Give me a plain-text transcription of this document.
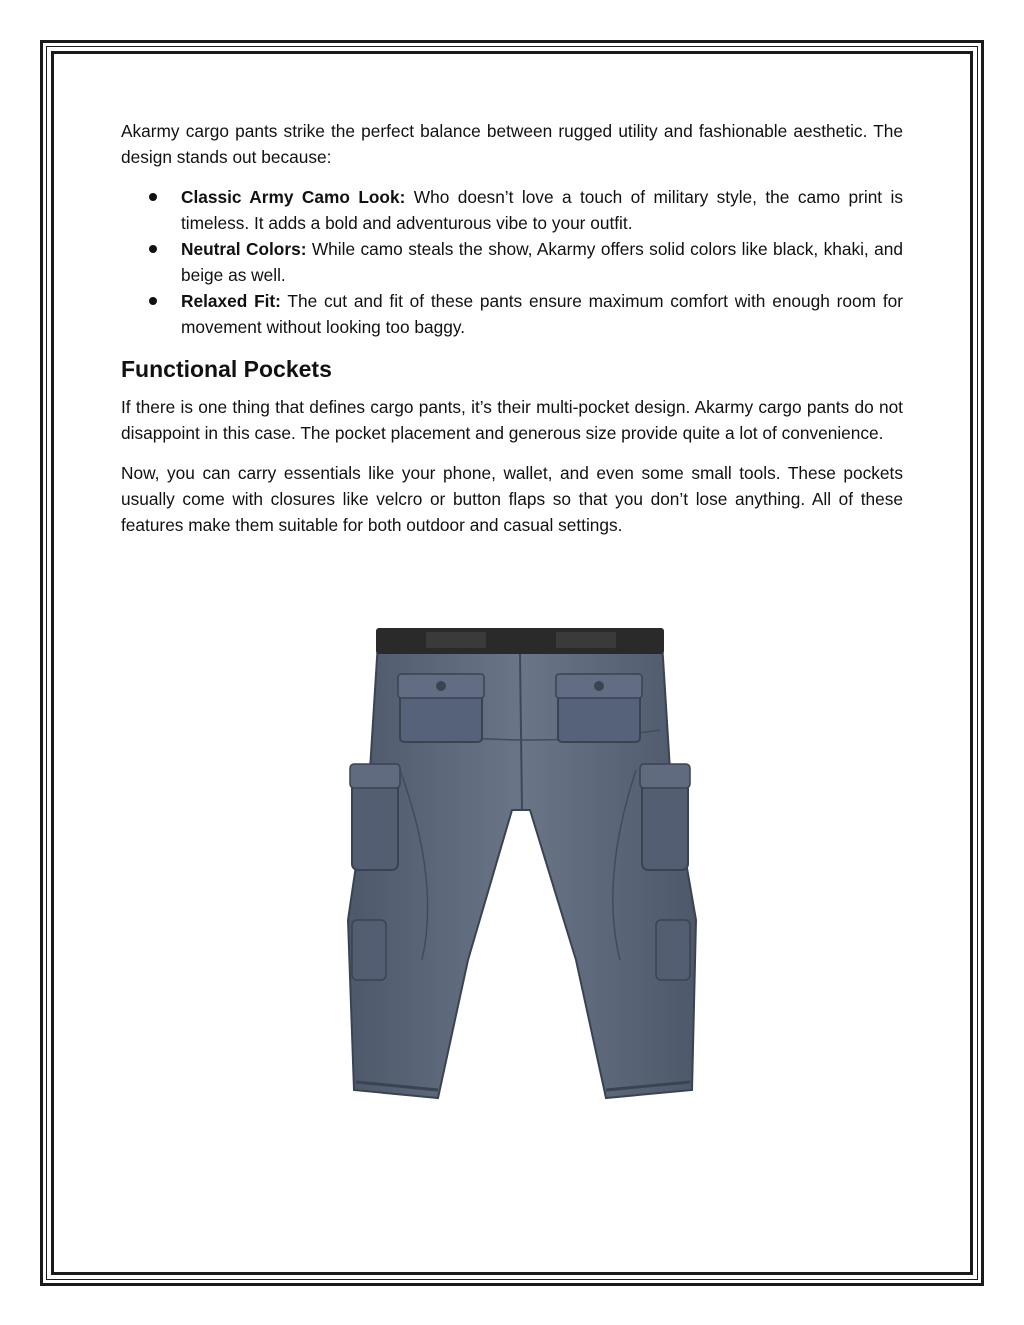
Akarmy cargo pants strike the perfect balance between rugged utility and fashionable aesthetic. The design stands out because:

Classic Army Camo Look: Who doesn’t love a touch of military style, the camo print is timeless. It adds a bold and adventurous vibe to your outfit.
Neutral Colors: While camo steals the show, Akarmy offers solid colors like black, khaki, and beige as well.
Relaxed Fit: The cut and fit of these pants ensure maximum comfort with enough room for movement without looking too baggy.
Functional Pockets

If there is one thing that defines cargo pants, it’s their multi-pocket design. Akarmy cargo pants do not disappoint in this case. The pocket placement and generous size provide quite a lot of convenience.

Now, you can carry essentials like your phone, wallet, and even some small tools. These pockets usually come with closures like velcro or button flaps so that you don’t lose anything. All of these features make them suitable for both outdoor and casual settings.
